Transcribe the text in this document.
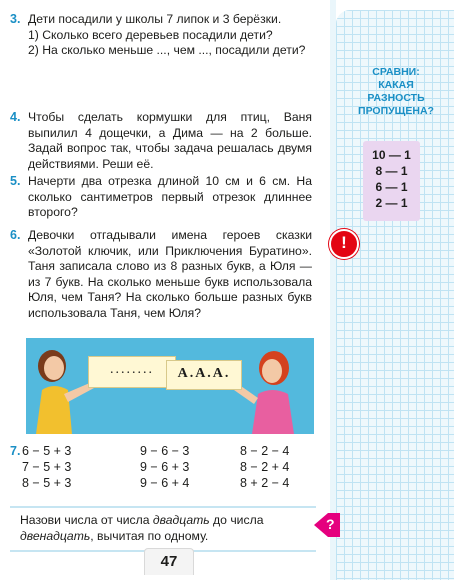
3. Дети посадили у школы 7 липок и 3 берёзки.

1) Сколько всего деревьев посадили дети?

2) На сколько меньше ..., чем ..., посадили дети?

4. Чтобы сделать кормушки для птиц, Ваня выпилил 4 дощечки, а Дима — на 2 больше. Задай вопрос так, чтобы задача решалась двумя действиями. Реши её.

5. Начерти два отрезка длиной 10 см и 6 см. На сколько сантиметров первый отрезок длиннее второго?

6. Девочки отгадывали имена героев сказки «Золотой ключик, или Приключения Буратино». Таня записала слово из 8 разных букв, а Юля — из 7 букв. На сколько меньше букв использовала Юля, чем Таня? На сколько больше разных букв использовала Таня, чем Юля?

........	А.А.А.
7. 6 − 5 + 3
7 − 5 + 3
8 − 5 + 3
9 − 6 − 3
9 − 6 + 3
9 − 6 + 4
8 − 2 − 4
8 − 2 + 4
8 + 2 − 4
Назови числа от числа двадцать до числа двенадцать, вычитая по одному.
47
СРАВНИ:
КАКАЯ
РАЗНОСТЬ
ПРОПУЩЕНА?
10 — 1
8 — 1
6 — 1
2 — 1
!
?
